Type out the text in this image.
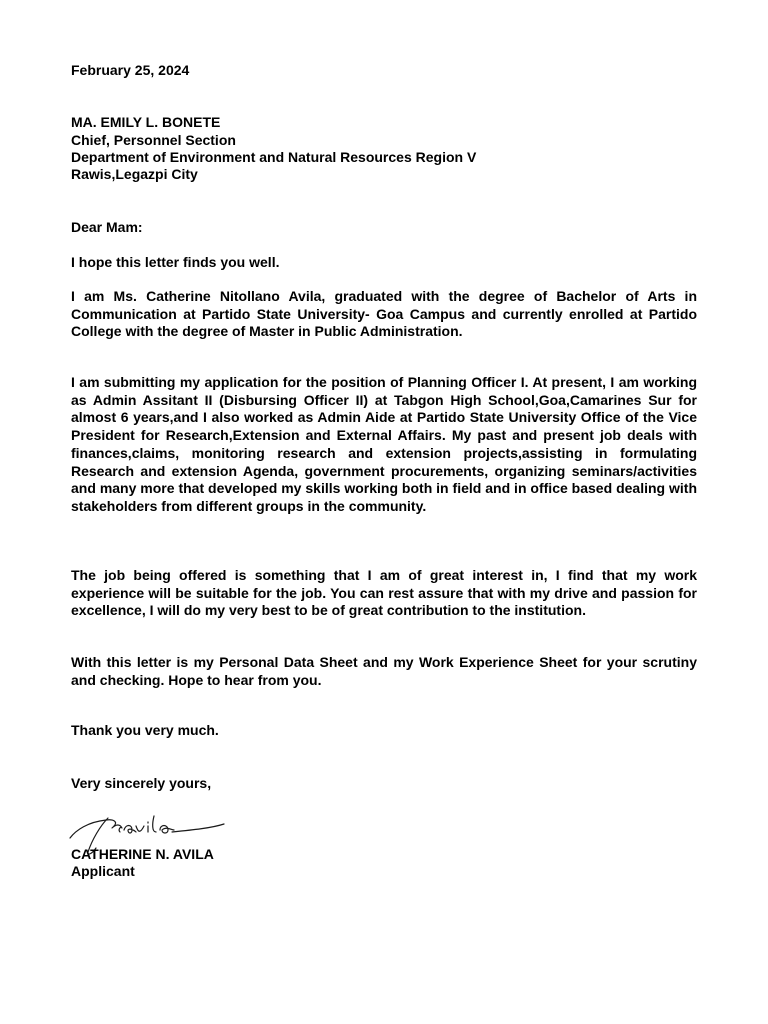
February 25, 2024
MA. EMILY L. BONETE
Chief, Personnel Section
Department of Environment and Natural Resources Region V
Rawis,Legazpi City
Dear Mam:
I hope this letter finds you well.

I am Ms. Catherine Nitollano Avila, graduated with the degree of Bachelor of Arts in Communication at Partido State University- Goa Campus and currently enrolled at Partido College with the degree of Master in Public Administration.

I am submitting my application for the position of Planning Officer I. At present, I am working as Admin Assitant II (Disbursing Officer II) at Tabgon High School,Goa,Camarines Sur for almost 6 years,and I also worked as Admin Aide at Partido State University Office of the Vice President for Research,Extension and External Affairs. My past and present job deals with finances,claims, monitoring research and extension projects,assisting in formulating Research and extension Agenda, government procurements, organizing seminars/activities and many more that developed my skills working both in field and in office based dealing with stakeholders from different groups in the community.

The job being offered is something that I am of great interest in, I find that my work experience will be suitable for the job. You can rest assure that with my drive and passion for excellence, I will do my very best to be of great contribution to the institution.

With this letter is my Personal Data Sheet and my Work Experience Sheet for your scrutiny and checking. Hope to hear from you.

Thank you very much.
Very sincerely yours,
CATHERINE N. AVILA
Applicant
